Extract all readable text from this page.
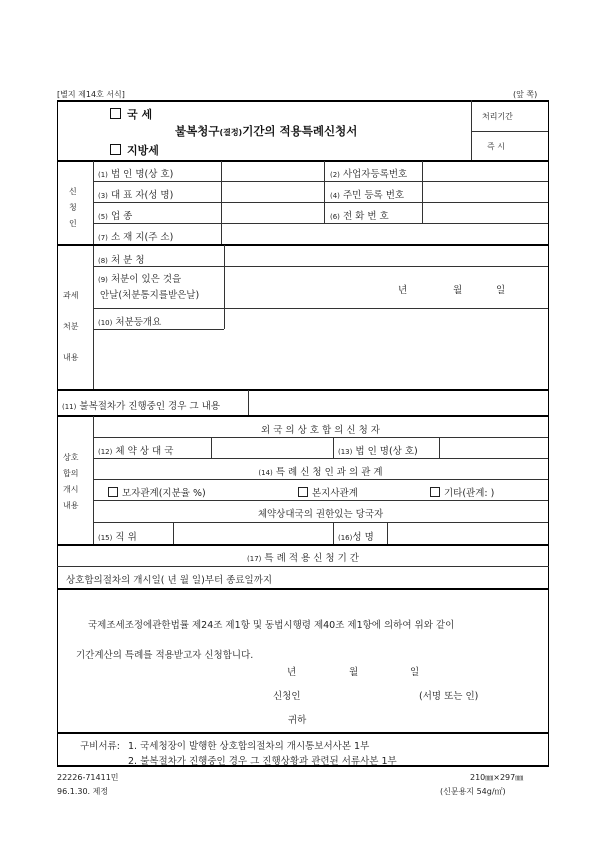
[별지 제14호 서식]	(앞 쪽)
국 세
불복청구(결정)기간의 적용특례신청서
지방세
처리기간
즉 시
신
청
인
(1) 법 인 명(상 호)	(2) 사업자등록번호
(3) 대 표 자(성 명)	(4) 주민 등록 번호
(5) 업 종	(6) 전 화 번 호
(7) 소 재 지(주 소)
과세
처분
내용
(8) 처 분 청
(9) 처분이 있은 것을
안날(처분통지를받은날)	년	월	일
(10) 처분등개요
(11) 불복절차가 진행중인 경우 그 내용
상호
합의
개시
내용
외 국 의 상 호 합 의 신 청 자
(12) 체 약 상 대 국	(13) 법 인 명(상 호)
(14) 특 례 신 청 인 과 의 관 계
모자관계(지분율 %)	본지사관계	기타(관계: )
체약상대국의 권한있는 당국자
(15) 직 위	(16)성 명
(17) 특 례 적 용 신 청 기 간
상호합의절차의 개시일( 년 월 일)부터 종료일까지
국제조세조정에관한법률 제24조 제1항 및 동법시행령 제40조 제1항에 의하여 위와 같이
기간계산의 특례를 적용받고자 신청합니다.
년	월	일
신청인	(서명 또는 인)
귀하
구비서류: 1. 국세청장이 발행한 상호합의절차의 개시통보서사본 1부
2. 불복절차가 진행중인 경우 그 진행상황과 관련된 서류사본 1부
22226-71411민
96.1.30. 제정
210㎜×297㎜
(신문용지 54g/㎡)
